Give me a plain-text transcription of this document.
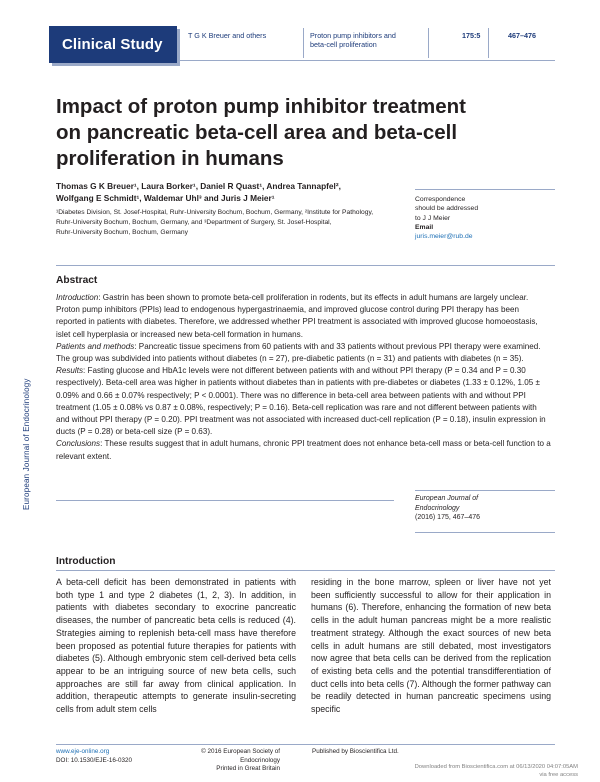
Clinical Study
T G K Breuer and others	Proton pump inhibitors and
beta-cell proliferation
175:5	467–476
European Journal of Endocrinology
Impact of proton pump inhibitor treatment
on pancreatic beta-cell area and beta-cell
proliferation in humans
Thomas G K Breuer¹, Laura Borker¹, Daniel R Quast¹, Andrea Tannapfel²,
Wolfgang E Schmidt¹, Waldemar Uhl³ and Juris J Meier¹
¹Diabetes Division, St. Josef-Hospital, Ruhr-University Bochum, Bochum, Germany, ²Institute for Pathology,
Ruhr-University Bochum, Bochum, Germany, and ³Department of Surgery, St. Josef-Hospital,
Ruhr-University Bochum, Bochum, Germany
Correspondence
should be addressed
to J J Meier
Email
juris.meier@rub.de
Abstract

Introduction: Gastrin has been shown to promote beta-cell proliferation in rodents, but its effects in adult humans are largely unclear. Proton pump inhibitors (PPIs) lead to endogenous hypergastrinaemia, and improved glucose control during PPI therapy has been reported in patients with diabetes. Therefore, we addressed whether PPI treatment is associated with improved glucose homoeostasis, islet cell hyperplasia or increased new beta-cell formation in humans.

Patients and methods: Pancreatic tissue specimens from 60 patients with and 33 patients without previous PPI therapy were examined. The group was subdivided into patients without diabetes (n = 27), pre-diabetic patients (n = 31) and patients with diabetes (n = 35).

Results: Fasting glucose and HbA1c levels were not different between patients with and without PPI therapy (P = 0.34 and P = 0.30 respectively). Beta-cell area was higher in patients without diabetes than in patients with pre-diabetes or diabetes (1.33 ± 0.12%, 1.05 ± 0.09% and 0.66 ± 0.07% respectively; P < 0.0001). There was no difference in beta-cell area between patients with and without PPI treatment (1.05 ± 0.08% vs 0.87 ± 0.08%, respectively; P = 0.16). Beta-cell replication was rare and not different between patients with and without PPI therapy (P = 0.20). PPI treatment was not associated with increased duct-cell replication (P = 0.18), insulin expression in ducts (P = 0.28) or beta-cell size (P = 0.63).

Conclusions: These results suggest that in adult humans, chronic PPI treatment does not enhance beta-cell mass or beta-cell function to a relevant extent.

European Journal of
Endocrinology
(2016) 175, 467–476
Introduction
A beta-cell deficit has been demonstrated in patients with both type 1 and type 2 diabetes (1, 2, 3). In addition, in patients with diabetes secondary to exocrine pancreatic diseases, the number of pancreatic beta cells is reduced (4). Strategies aiming to replenish beta-cell mass have therefore been proposed as potential future therapies for patients with diabetes (5). Although embryonic stem cell-derived beta cells appear to be an intriguing source of new beta cells, such approaches are still far away from clinical application. In addition, therapeutic attempts to generate insulin-secreting cells from adult stem cells
residing in the bone marrow, spleen or liver have not yet been sufficiently successful to allow for their application in humans (6). Therefore, enhancing the formation of new beta cells in the adult human pancreas might be a more realistic treatment strategy. Although the exact sources of new beta cells in adult humans are still debated, most investigators now agree that beta cells can be derived from the replication of existing beta cells and the potential transdifferentiation of duct cells into beta cells (7). Although the former pathway can be readily detected in human pancreatic specimens using specific
www.eje-online.org
DOI: 10.1530/EJE-16-0320
© 2016 European Society of Endocrinology
Printed in Great Britain
Published by Bioscientifica Ltd.
Downloaded from Bioscientifica.com at 06/13/2020 04:07:05AM
via free access
